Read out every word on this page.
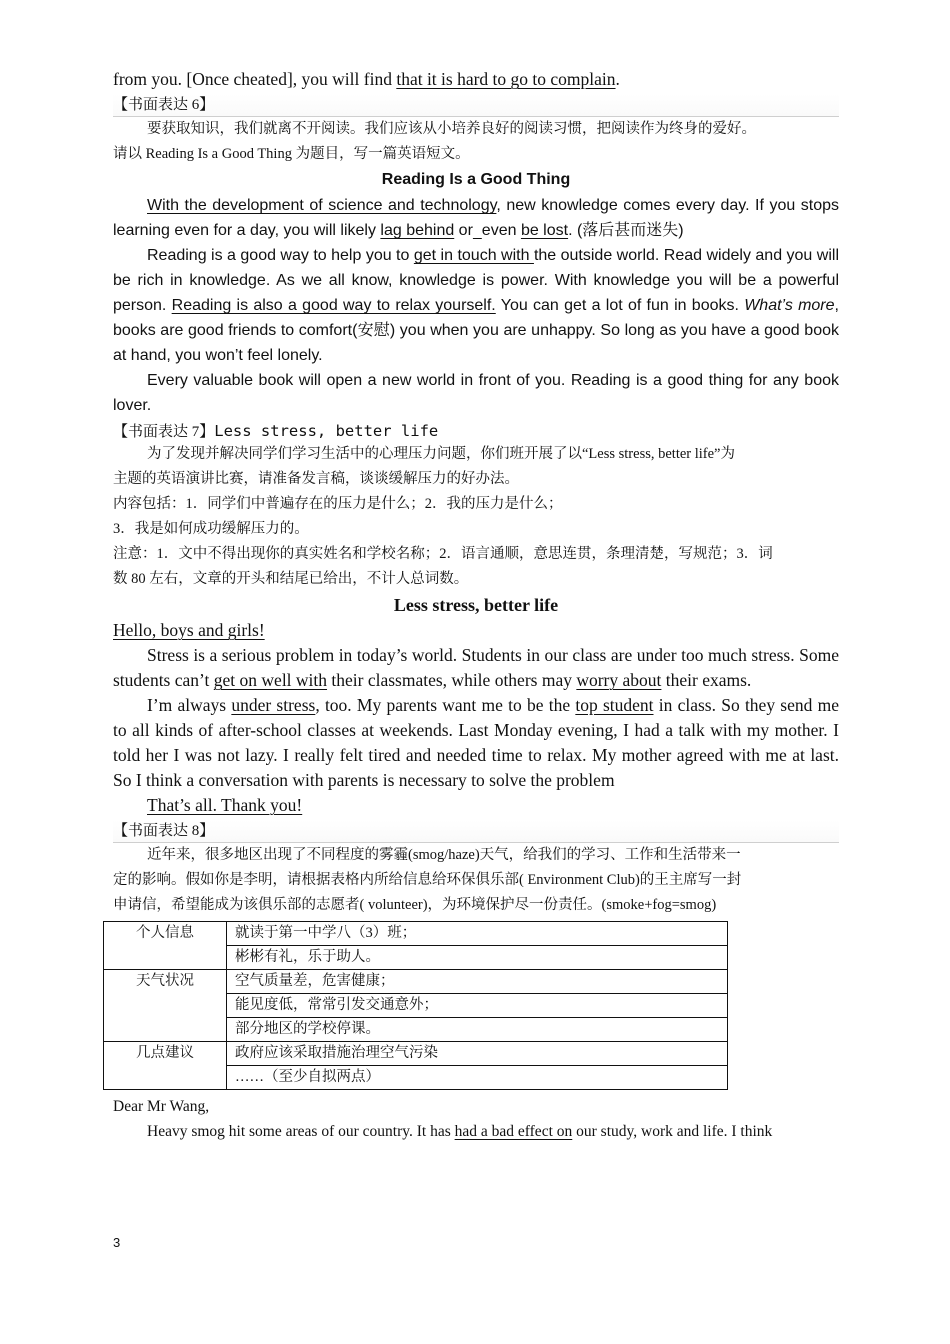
from you. [Once cheated], you will find that it is hard to go to complain.

【书面表达 6】

要获取知识，我们就离不开阅读。我们应该从小培养良好的阅读习惯，把阅读作为终身的爱好。

请以 Reading Is a Good Thing 为题目，写一篇英语短文。

Reading Is a Good Thing

With the development of science and technology, new knowledge comes every day. If you stops learning even for a day, you will likely lag behind or even be lost. (落后甚而迷失)

Reading is a good way to help you to get in touch with the outside world. Read widely and you will be rich in knowledge. As we all know, knowledge is power. With knowledge you will be a powerful person. Reading is also a good way to relax yourself. You can get a lot of fun in books. What’s more, books are good friends to comfort(安慰) you when you are unhappy. So long as you have a good book at hand, you won’t feel lonely.

Every valuable book will open a new world in front of you. Reading is a good thing for any book lover.

【书面表达 7】Less stress, better life

为了发现并解决同学们学习生活中的心理压力问题，你们班开展了以“Less stress, better life”为

主题的英语演讲比赛，请准备发言稿，谈谈缓解压力的好办法。
内容包括：1．同学们中普遍存在的压力是什么；2．我的压力是什么；
3．我是如何成功缓解压力的。
注意：1．文中不得出现你的真实姓名和学校名称；2．语言通顺，意思连贯，条理清楚，写规范；3．词
数 80 左右，文章的开头和结尾已给出，不计人总词数。

Less stress, better life

Hello, boys and girls!

Stress is a serious problem in today’s world. Students in our class are under too much stress. Some students can’t get on well with their classmates, while others may worry about their exams.

I’m always under stress, too. My parents want me to be the top student in class. So they send me to all kinds of after-school classes at weekends. Last Monday evening, I had a talk with my mother. I told her I was not lazy. I really felt tired and needed time to relax. My mother agreed with me at last. So I think a conversation with parents is necessary to solve the problem

That’s all. Thank you!

【书面表达 8】

近年来，很多地区出现了不同程度的雾霾(smog/haze)天气，给我们的学习、工作和生活带来一

定的影响。假如你是李明，请根据表格内所给信息给环保俱乐部( Environment Club)的王主席写一封
申请信，希望能成为该俱乐部的志愿者( volunteer)，为环境保护尽一份责任。(smoke+fog=smog)

个人信息	就读于第一中学八（3）班；
	彬彬有礼，乐于助人。
天气状况	空气质量差，危害健康；
	能见度低，常常引发交通意外；
	部分地区的学校停课。
几点建议	政府应该采取措施治理空气污染
	……（至少自拟两点）

Dear Mr Wang,

Heavy smog hit some areas of our country. It has had a bad effect on our study, work and life. I think

3
